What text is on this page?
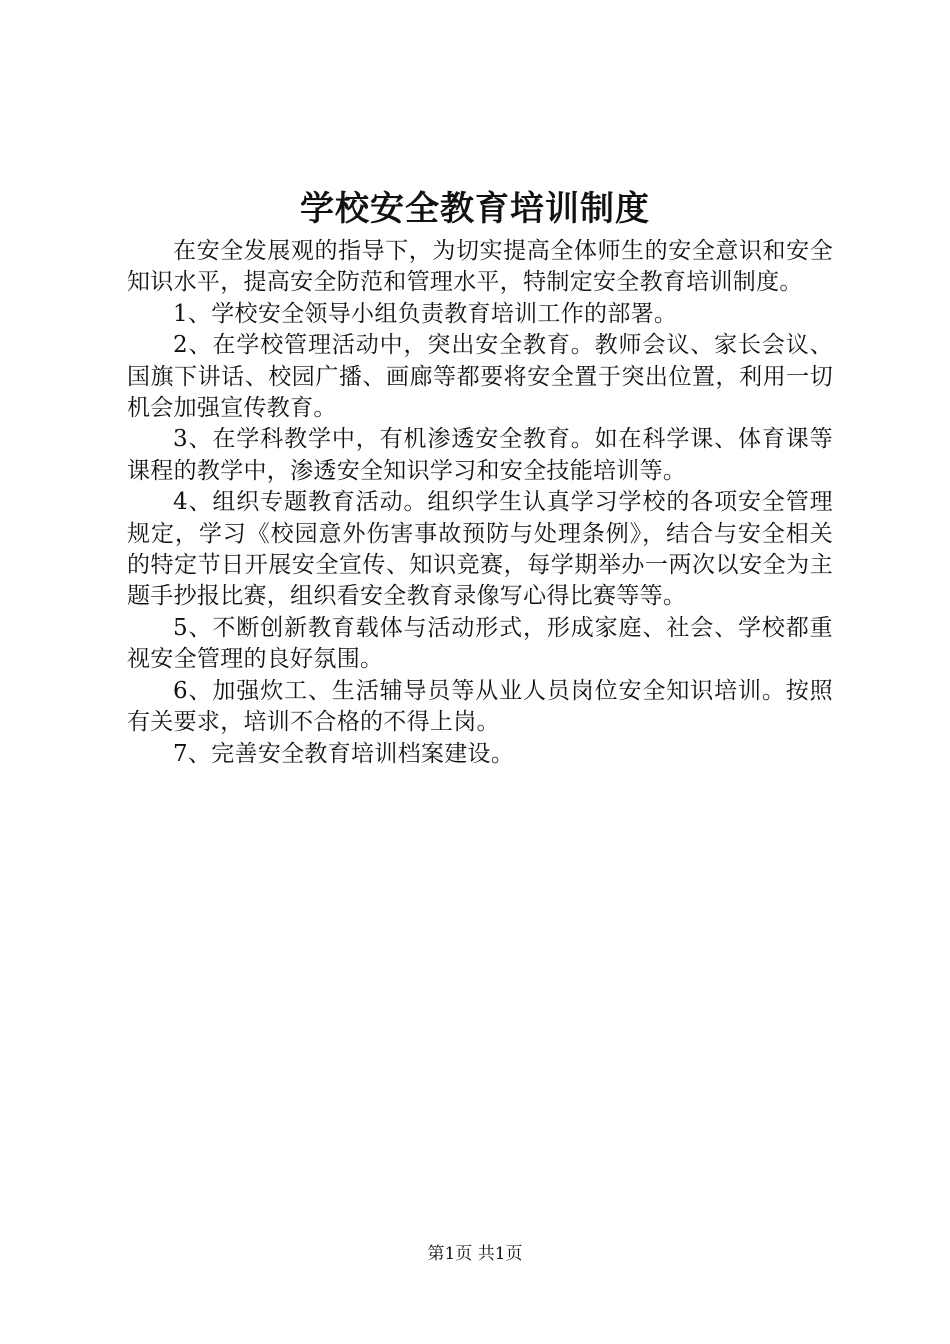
学校安全教育培训制度

在安全发展观的指导下，为切实提高全体师生的安全意识和安全知识水平，提高安全防范和管理水平，特制定安全教育培训制度。

1、学校安全领导小组负责教育培训工作的部署。

2、在学校管理活动中，突出安全教育。教师会议、家长会议、国旗下讲话、校园广播、画廊等都要将安全置于突出位置，利用一切机会加强宣传教育。

3、在学科教学中，有机渗透安全教育。如在科学课、体育课等课程的教学中，渗透安全知识学习和安全技能培训等。

4、组织专题教育活动。组织学生认真学习学校的各项安全管理规定，学习《校园意外伤害事故预防与处理条例》，结合与安全相关的特定节日开展安全宣传、知识竞赛，每学期举办一两次以安全为主题手抄报比赛，组织看安全教育录像写心得比赛等等。

5、不断创新教育载体与活动形式，形成家庭、社会、学校都重视安全管理的良好氛围。

6、加强炊工、生活辅导员等从业人员岗位安全知识培训。按照有关要求，培训不合格的不得上岗。

7、完善安全教育培训档案建设。

第1页 共1页
